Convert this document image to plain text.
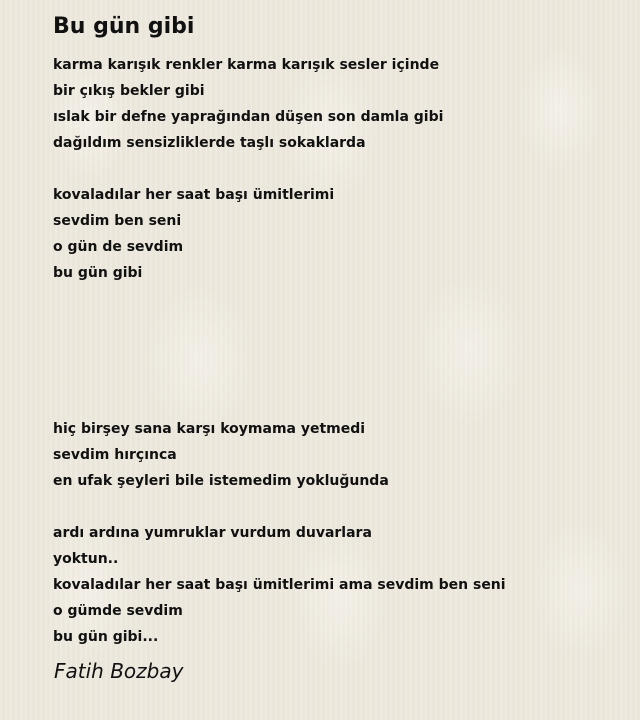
Bu gün gibi
karma karışık renkler karma karışık sesler içinde
bir çıkış bekler gibi
ıslak bir defne yaprağından düşen son damla gibi
dağıldım sensizliklerde taşlı sokaklarda
kovaladılar her saat başı ümitlerimi
sevdim ben seni
o gün de sevdim
bu gün gibi
hiç birşey sana karşı koymama yetmedi
sevdim hırçınca
en ufak şeyleri bile istemedim yokluğunda
ardı ardına yumruklar vurdum duvarlara
yoktun..
kovaladılar her saat başı ümitlerimi ama sevdim ben seni
o gümde sevdim
bu gün gibi...
Fatih Bozbay
